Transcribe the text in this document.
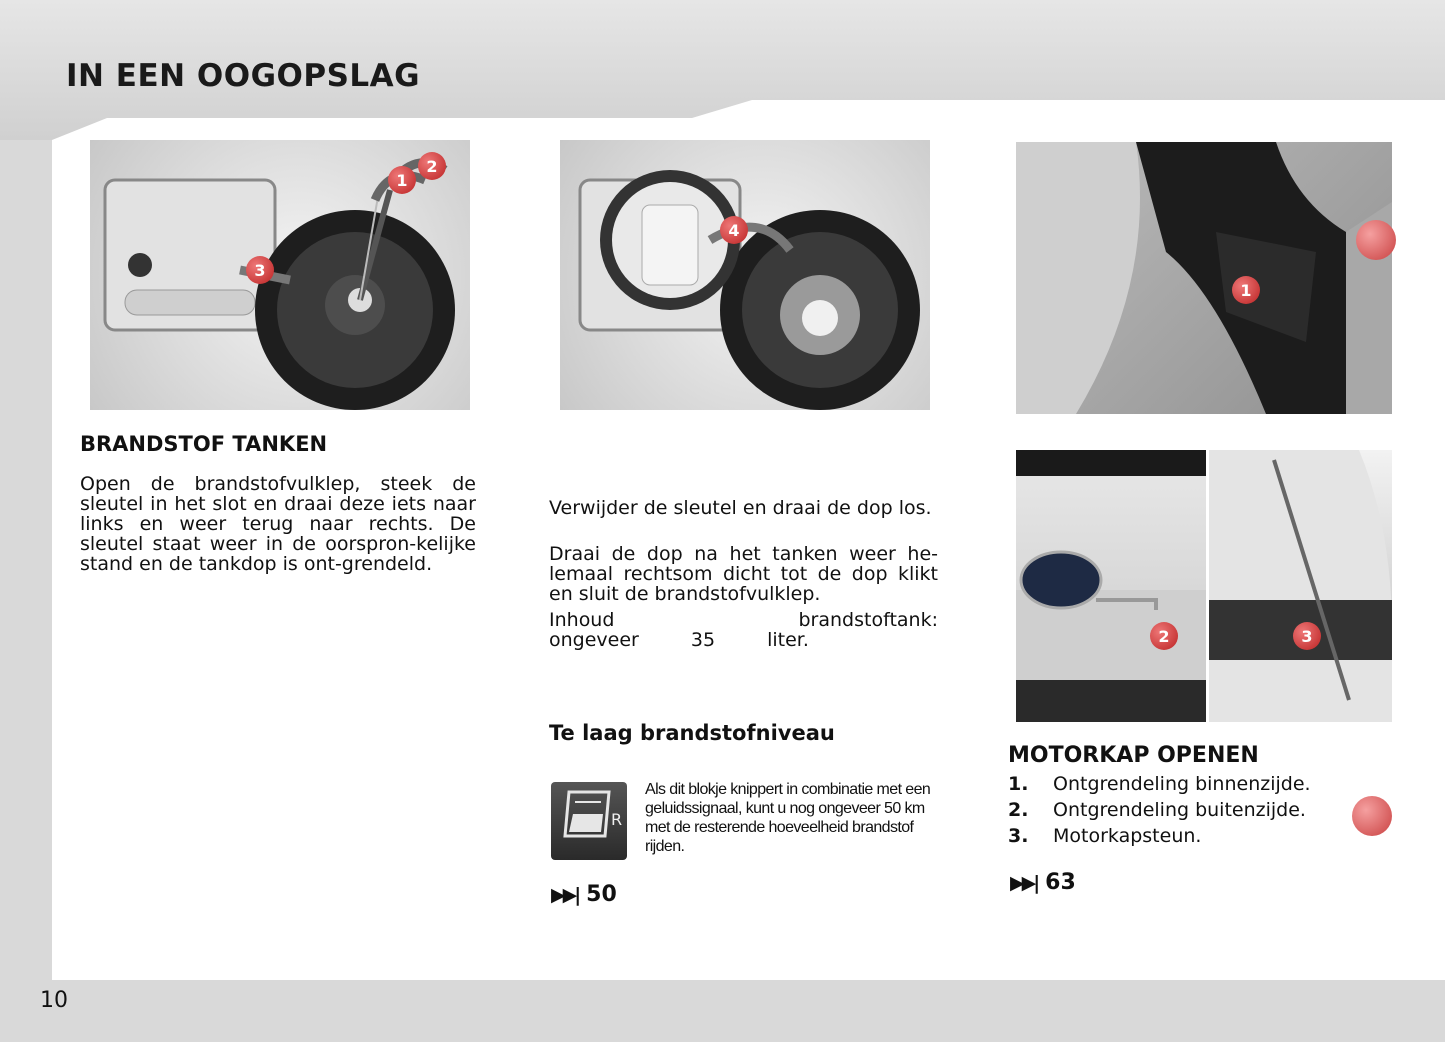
IN EEN OOGOPSLAG
1
2
3
4
1
2	3
BRANDSTOF TANKEN

Open de brandstofvulklep, steek de sleutel in het slot en draai deze iets naar links en weer terug naar rechts. De sleutel staat weer in de oorspron-kelijke stand en de tankdop is ont-grendeld.

Verwijder de sleutel en draai de dop los.

Draai de dop na het tanken weer he-lemaal rechtsom dicht tot de dop klikt en sluit de brandstofvulklep.

Inhoud brandstoftank: ongeveer 35 liter.

Te laag brandstofniveau
R

Als dit blokje knippert in combinatie met een geluidssignaal, kunt u nog ongeveer 50 km met de resterende hoeveelheid brandstof rijden.

▶▶| 50
MOTORKAP OPENEN
1.	Ontgrendeling binnenzijde.
2.	Ontgrendeling buitenzijde.
3.	Motorkapsteun.
▶▶| 63
10
